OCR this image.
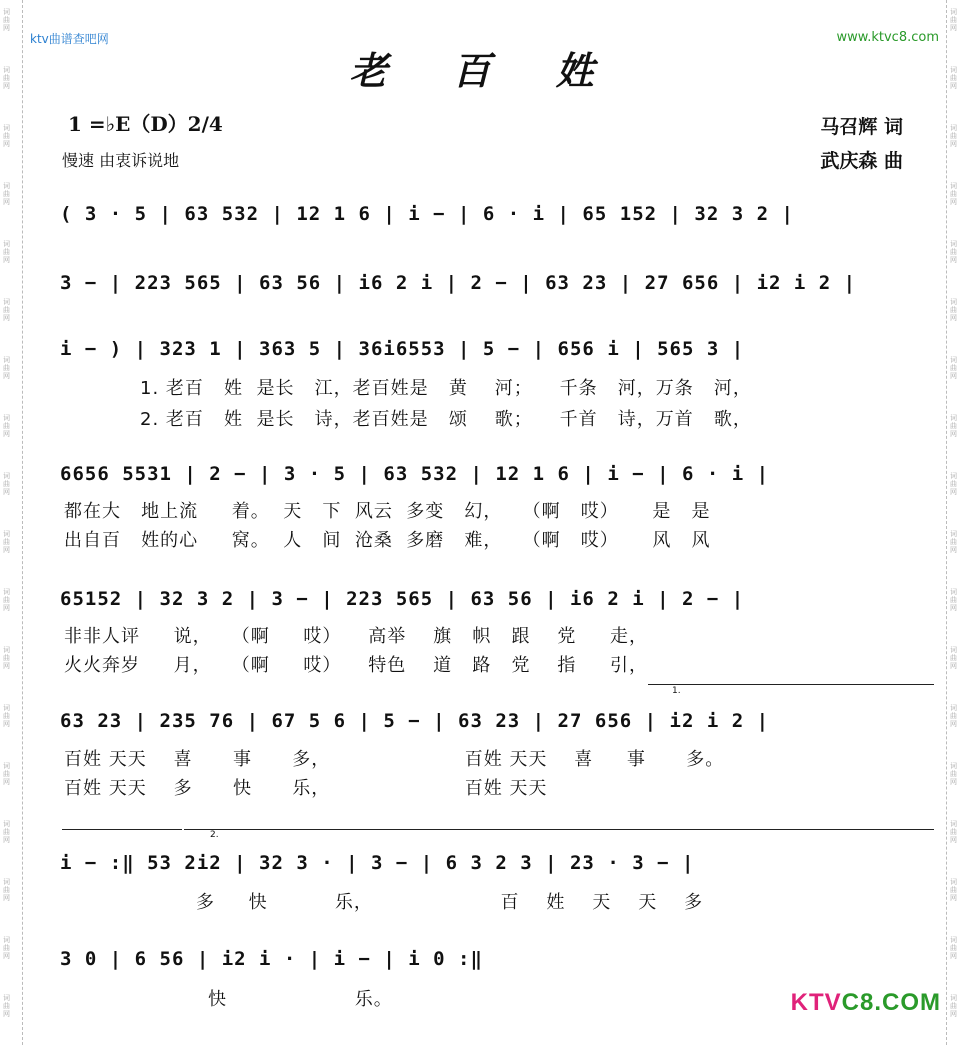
词
曲
网
词
曲
网
词
曲
网
词
曲
网
词
曲
网
词
曲
网
词
曲
网
词
曲
网
词
曲
网
词
曲
网
词
曲
网
词
曲
网
词
曲
网
词
曲
网
词
曲
网
词
曲
网
词
曲
网
词
曲
网
词
曲
网
词
曲
网
词
曲
网
词
曲
网
词
曲
网
词
曲
网
词
曲
网
词
曲
网
词
曲
网
词
曲
网
词
曲
网
词
曲
网
词
曲
网
词
曲
网
词
曲
网
词
曲
网
词
曲
网
词
曲
网
ktv曲谱查吧网	www.ktvc8.com
老 百 姓
1 =♭E（D）2/4
慢速 由衷诉说地
马召辉 词
武庆森 曲
( 3 · 5 | 63 532 | 12 1 6 | i − | 6 · i | 65 152 | 32 3 2 |
3 − | 223 565 | 63 56 | i6 2 i | 2 − | 63 23 | 27 656 | i2 i 2 |
i − ) | 323 1 | 363 5 | 36i6553 | 5 − | 656 i | 565 3 |
1. 老百   姓  是长   江，老百姓是   黄    河；    千条   河，万条   河，
2. 老百   姓  是长   诗，老百姓是   颂    歌；    千首   诗，万首   歌，
6656 5531 | 2 − | 3 · 5 | 63 532 | 12 1 6 | i − | 6 · i |
都在大   地上流     着。  天   下  风云  多变   幻，   （啊   哎）     是   是
出自百   姓的心     窝。  人   间  沧桑  多磨   难，   （啊   哎）     风   风
65152 | 32 3 2 | 3 − | 223 565 | 63 56 | i6 2 i | 2 − |
非非人评     说，   （啊     哎）    高举    旗   帜   跟    党     走，
火火奔岁     月，   （啊     哎）    特色    道   路   党    指     引，
1.
63 23 | 235 76 | 67 5 6 | 5 − | 63 23 | 27 656 | i2 i 2 |
百姓 天天    喜      事      多，                    百姓 天天    喜     事      多。
百姓 天天    多      快      乐，                    百姓 天天
2.
i − :‖ 53 2i2 | 32 3 · | 3 − | 6 3 2 3 | 23 · 3 − |
多     快          乐，                   百    姓    天    天    多
3 0 | 6 56 | i2 i · | i − | i 0 :‖
快                   乐。	KTVC8.COM
